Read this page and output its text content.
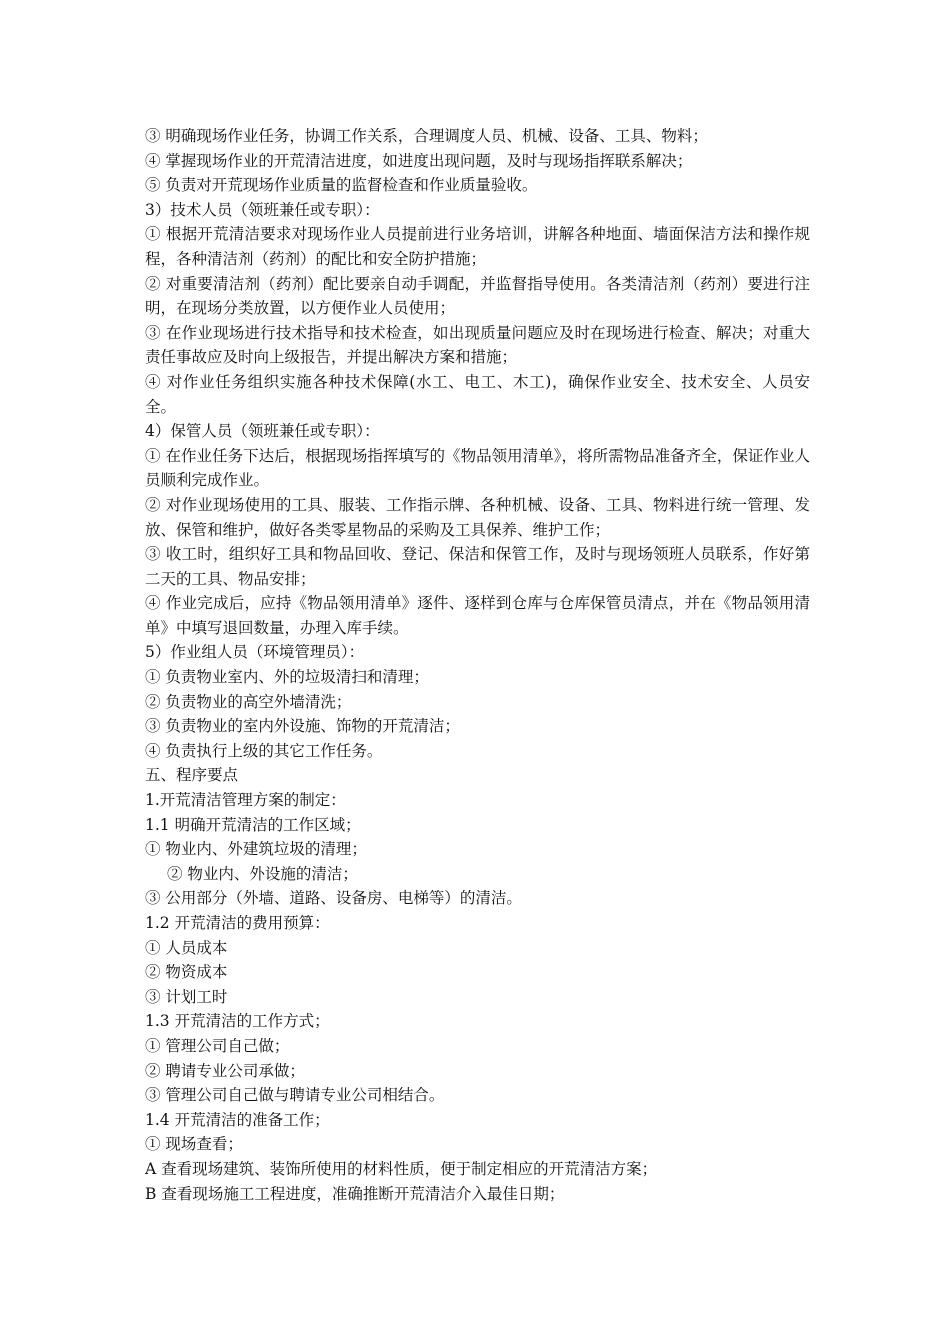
③ 明确现场作业任务，协调工作关系，合理调度人员、机械、设备、工具、物料；

④ 掌握现场作业的开荒清洁进度，如进度出现问题，及时与现场指挥联系解决；

⑤ 负责对开荒现场作业质量的监督检查和作业质量验收。

3）技术人员（领班兼任或专职）：

① 根据开荒清洁要求对现场作业人员提前进行业务培训，讲解各种地面、墙面保洁方法和操作规程，各种清洁剂（药剂）的配比和安全防护措施；

② 对重要清洁剂（药剂）配比要亲自动手调配，并监督指导使用。各类清洁剂（药剂）要进行注明，在现场分类放置，以方便作业人员使用；

③ 在作业现场进行技术指导和技术检查，如出现质量问题应及时在现场进行检查、解决；对重大责任事故应及时向上级报告，并提出解决方案和措施；

④ 对作业任务组织实施各种技术保障(水工、电工、木工)，确保作业安全、技术安全、人员安全。

4）保管人员（领班兼任或专职）：

① 在作业任务下达后，根据现场指挥填写的《物品领用清单》，将所需物品准备齐全，保证作业人员顺利完成作业。

② 对作业现场使用的工具、服装、工作指示牌、各种机械、设备、工具、物料进行统一管理、发放、保管和维护，做好各类零星物品的采购及工具保养、维护工作；

③ 收工时，组织好工具和物品回收、登记、保洁和保管工作，及时与现场领班人员联系，作好第二天的工具、物品安排；

④ 作业完成后，应持《物品领用清单》逐件、逐样到仓库与仓库保管员清点，并在《物品领用清单》中填写退回数量，办理入库手续。

5）作业组人员（环境管理员）：

① 负责物业室内、外的垃圾清扫和清理；

② 负责物业的高空外墙清洗；

③ 负责物业的室内外设施、饰物的开荒清洁；

④ 负责执行上级的其它工作任务。

五、程序要点

1.开荒清洁管理方案的制定：

1.1 明确开荒清洁的工作区域；

① 物业内、外建筑垃圾的清理；

② 物业内、外设施的清洁；

③ 公用部分（外墙、道路、设备房、电梯等）的清洁。

1.2 开荒清洁的费用预算：

① 人员成本

② 物资成本

③ 计划工时

1.3 开荒清洁的工作方式；

① 管理公司自己做；

② 聘请专业公司承做；

③ 管理公司自己做与聘请专业公司相结合。

1.4 开荒清洁的准备工作；

① 现场查看；

A 查看现场建筑、装饰所使用的材料性质，便于制定相应的开荒清洁方案；

B 查看现场施工工程进度，准确推断开荒清洁介入最佳日期；
